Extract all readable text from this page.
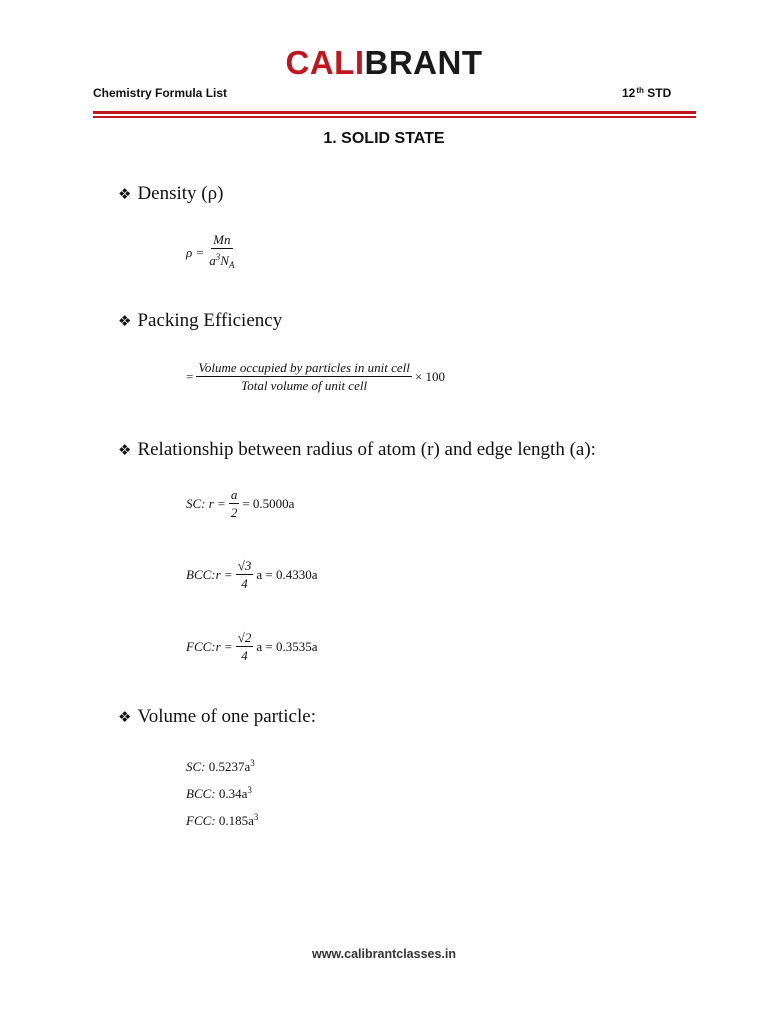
CALIBRANT
Chemistry Formula List	12th STD
1. SOLID STATE
❖ Density (ρ)
$\rho = \frac{Mn}{a^3N_A}$
❖ Packing Efficiency
= $\frac{\text{Volume occupied by particles in unit cell}}{\text{Total volume of unit cell}} \times 100$
❖ Relationship between radius of atom (r) and edge length (a):
SC:
$r = \frac{a}{2} = 0.5000a$
BCC: $r = \frac{√3}{4}$ a = 0.4330a
FCC: $r = \frac{√2}{4}$ a = 0.3535a
❖ Volume of one particle:
SC: $0.5237a^3$
BCC: $0.34a^3$
FCC: $0.185a^3$
www.calibrantclasses.in
